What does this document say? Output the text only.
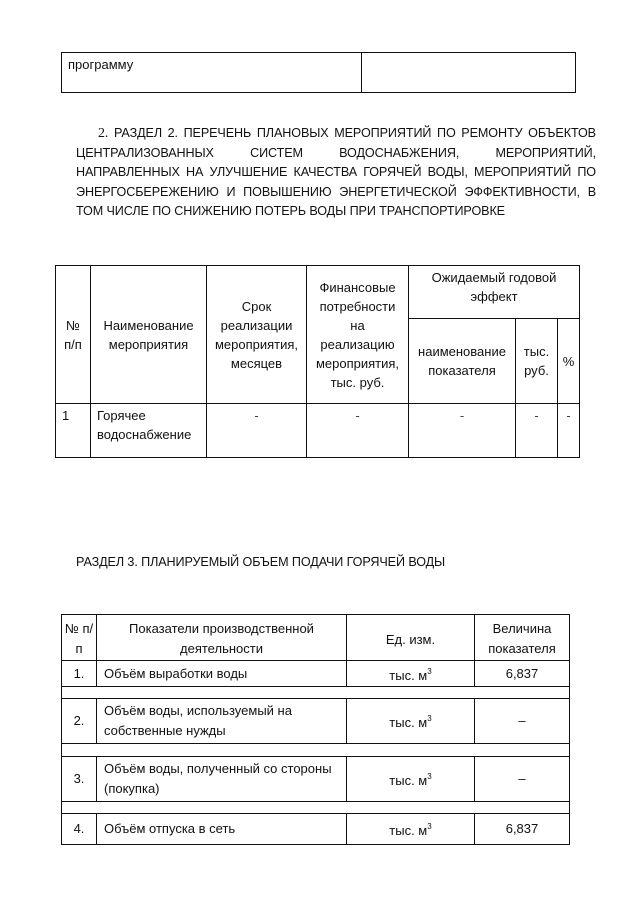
программу	
2. РАЗДЕЛ 2. ПЕРЕЧЕНЬ ПЛАНОВЫХ МЕРОПРИЯТИЙ ПО РЕМОНТУ ОБЪЕКТОВ ЦЕНТРАЛИЗОВАННЫХ СИСТЕМ ВОДОСНАБЖЕНИЯ, МЕРОПРИЯТИЙ, НАПРАВЛЕННЫХ НА УЛУЧШЕНИЕ КАЧЕСТВА ГОРЯЧЕЙ ВОДЫ, МЕРОПРИЯТИЙ ПО ЭНЕРГОСБЕРЕЖЕНИЮ И ПОВЫШЕНИЮ ЭНЕРГЕТИЧЕСКОЙ ЭФФЕКТИВНОСТИ, В ТОМ ЧИСЛЕ ПО СНИЖЕНИЮ ПОТЕРЬ ВОДЫ ПРИ ТРАНСПОРТИРОВКЕ
№ п/п	Наименование мероприятия	Срок реализации мероприятия, месяцев	Финансовые потребности на реализацию мероприятия, тыс. руб.	Ожидаемый годовой эффект		
				наименование показателя	тыс. руб.	%
1	Горячее водоснабжение	-	-	-	-	-
РАЗДЕЛ 3. ПЛАНИРУЕМЫЙ ОБЪЕМ ПОДАЧИ ГОРЯЧЕЙ ВОДЫ
№ п/п	Показатели производственной деятельности	Ед. изм.	Величина показателя
1.	Объём выработки воды	тыс. $м^3$	6,837

2.	Объём воды, используемый на собственные нужды	тыс. $м^3$	–

3.	Объём воды, полученный со стороны (покупка)	тыс. $м^3$	–

4.	Объём отпуска в сеть	тыс. $м^3$	6,837
